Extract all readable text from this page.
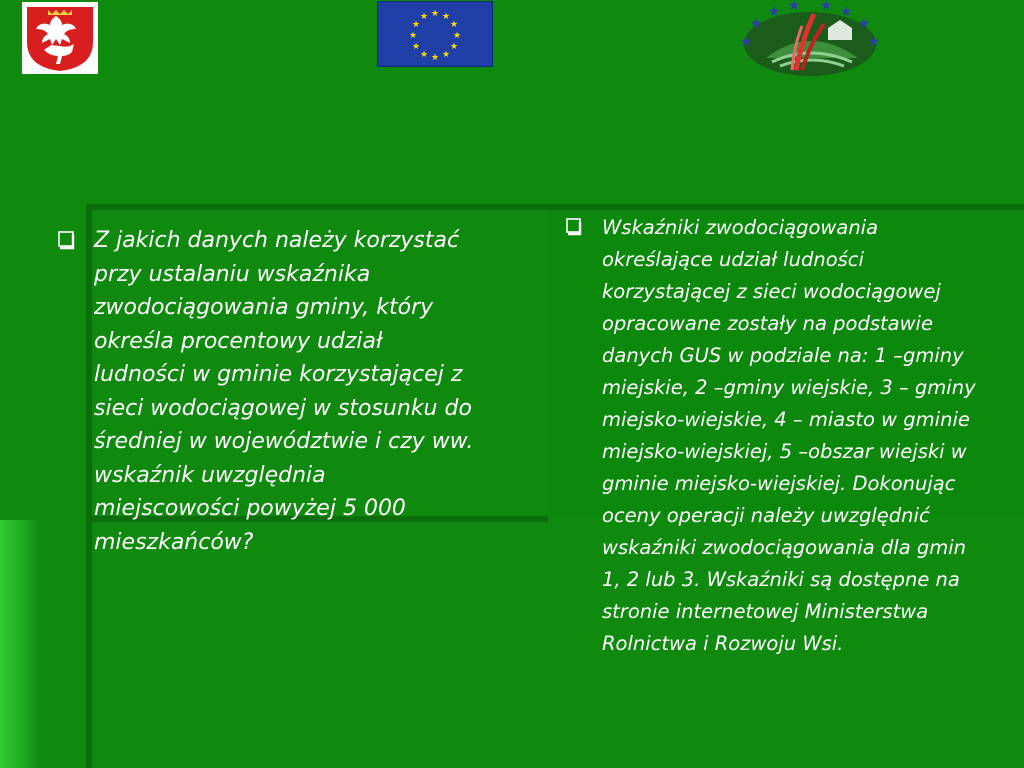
★ ★
★
★
★
★
★
★
★
★
★
★
★
★
★ ★ ★ ★
★
★
Z jakich danych należy korzystać przy ustalaniu wskaźnika zwodociągowania gminy, który określa procentowy udział ludności w gminie korzystającej z sieci wodociągowej w stosunku do średniej w województwie i czy ww. wskaźnik uwzględnia miejscowości powyżej 5 000 mieszkańców?
Wskaźniki zwodociągowania określające udział ludności korzystającej z sieci wodociągowej opracowane zostały na podstawie danych GUS w podziale na: 1 –gminy miejskie, 2 –gminy wiejskie, 3 – gminy miejsko-wiejskie, 4 – miasto w gminie miejsko-wiejskiej, 5 –obszar wiejski w gminie miejsko-wiejskiej. Dokonując oceny operacji należy uwzględnić wskaźniki zwodociągowania dla gmin 1, 2 lub 3. Wskaźniki są dostępne na stronie internetowej Ministerstwa Rolnictwa i Rozwoju Wsi.
